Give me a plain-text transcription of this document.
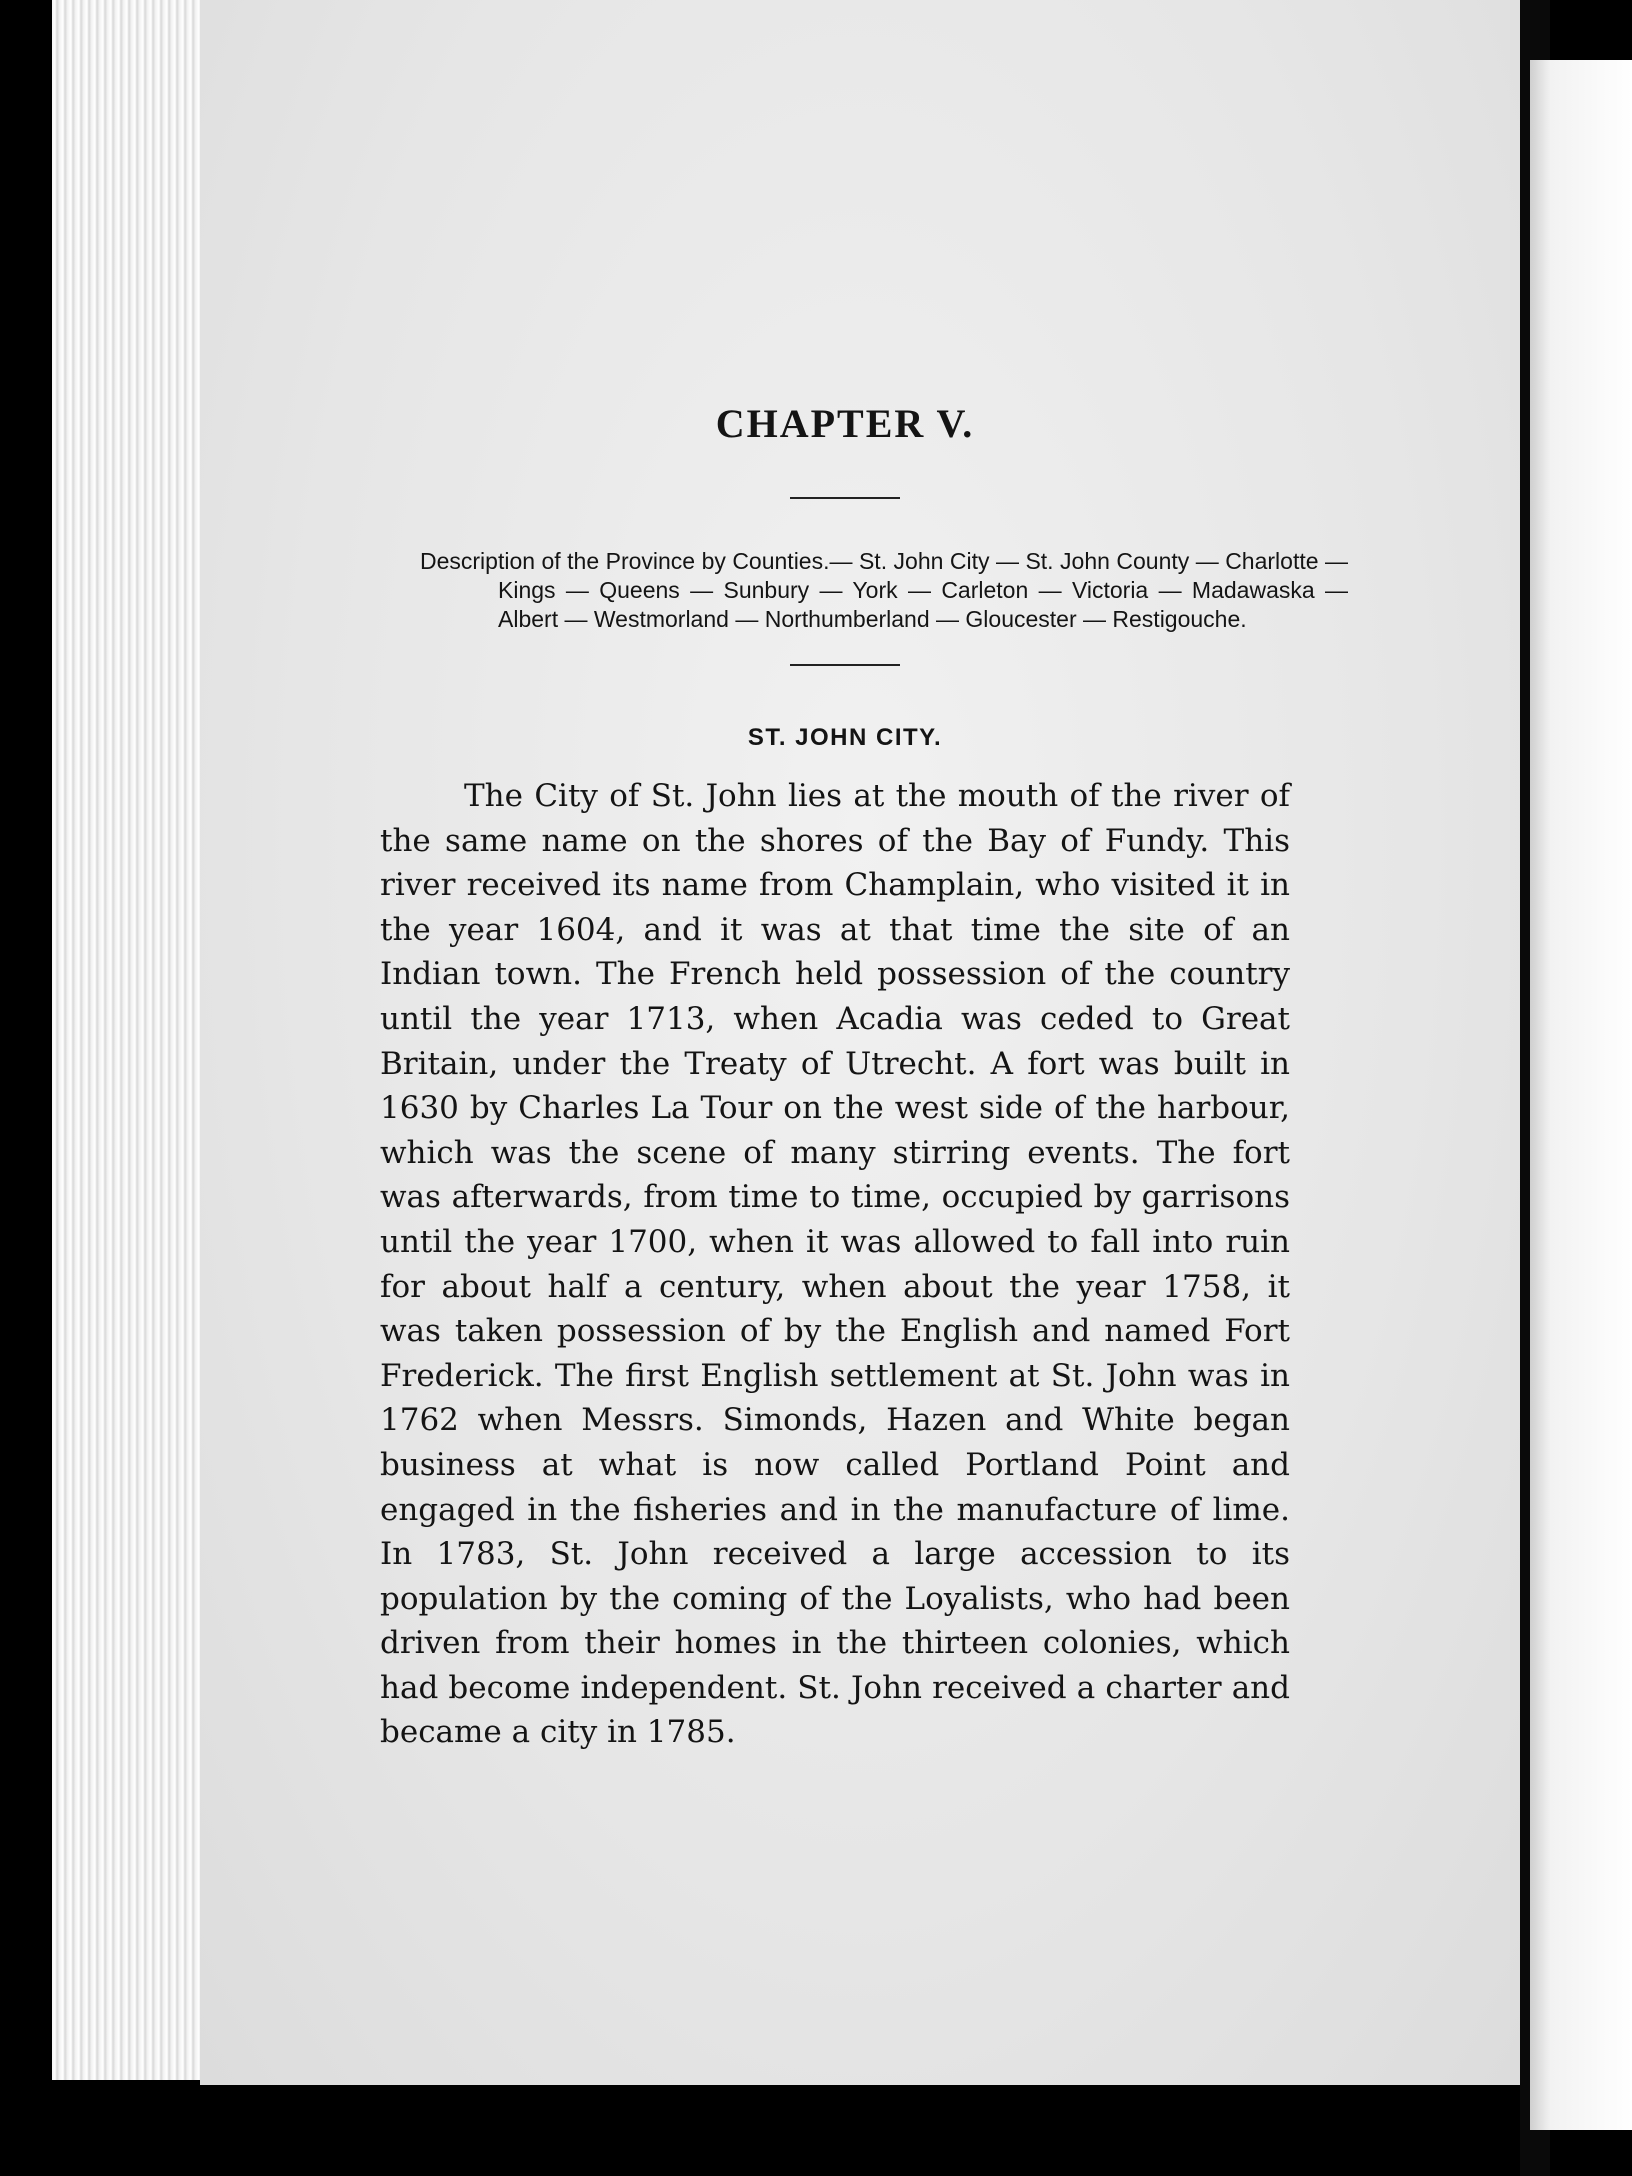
CHAPTER V.

Description of the Province by Counties.— St. John City — St. John County — Charlotte — Kings — Queens — Sunbury — York — Carleton — Victoria — Madawaska — Albert — Westmorland — Northumberland — Gloucester — Restigouche.

ST. JOHN CITY.

The City of St. John lies at the mouth of the river of the same name on the shores of the Bay of Fundy. This river received its name from Champlain, who visited it in the year 1604, and it was at that time the site of an Indian town. The French held possession of the country until the year 1713, when Acadia was ceded to Great Britain, under the Treaty of Utrecht. A fort was built in 1630 by Charles La Tour on the west side of the harbour, which was the scene of many stirring events. The fort was afterwards, from time to time, occupied by garrisons until the year 1700, when it was allowed to fall into ruin for about half a century, when about the year 1758, it was taken possession of by the English and named Fort Frederick. The first English settlement at St. John was in 1762 when Messrs. Simonds, Hazen and White began business at what is now called Portland Point and engaged in the fisheries and in the manufacture of lime. In 1783, St. John received a large accession to its population by the coming of the Loyalists, who had been driven from their homes in the thirteen colonies, which had become independent. St. John received a charter and became a city in 1785.
